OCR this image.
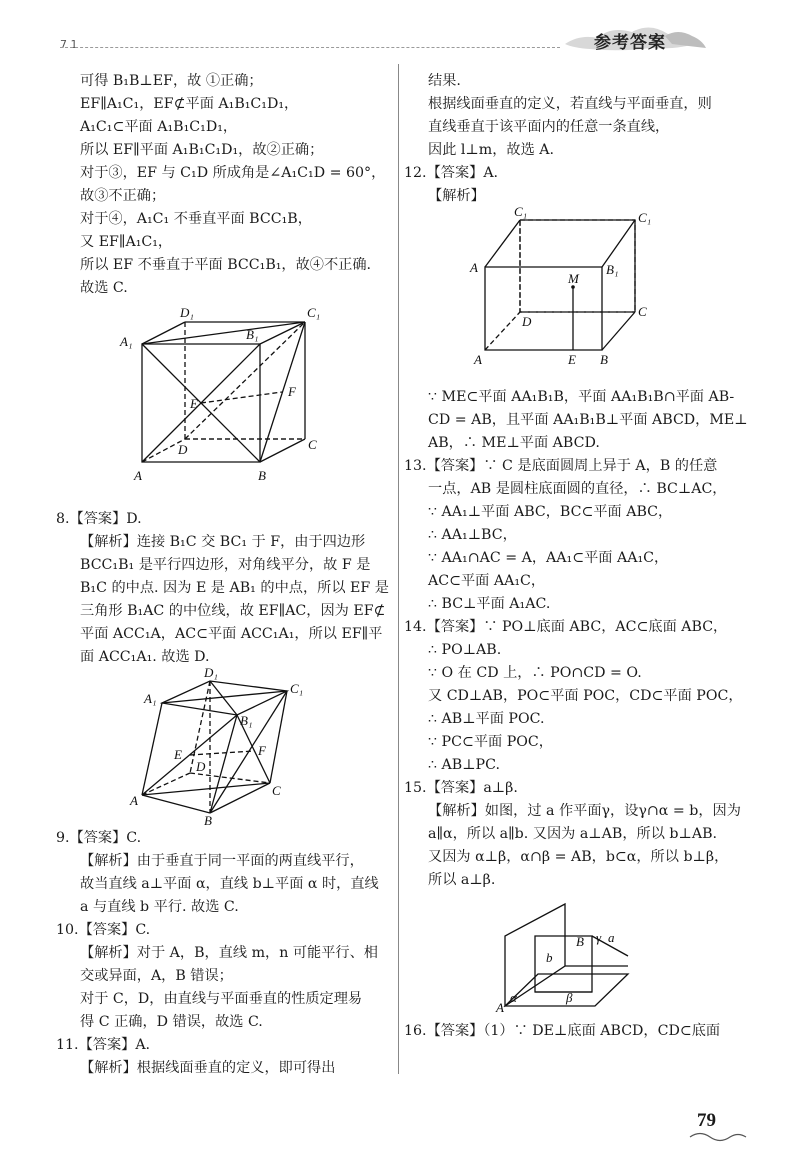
7 1	参考答案
可得 B₁B⊥EF，故 ①正确；
EF∥A₁C₁，EF⊄平面 A₁B₁C₁D₁，
A₁C₁⊂平面 A₁B₁C₁D₁，
所以 EF∥平面 A₁B₁C₁D₁，故②正确；
对于③，EF 与 C₁D 所成角是∠A₁C₁D = 60°，
故③不正确；
对于④，A₁C₁ 不垂直平面 BCC₁B，
又 EF∥A₁C₁，
所以 EF 不垂直于平面 BCC₁B₁，故④不正确.
故选 C.
D₁	C₁
A₁	B₁
E
F
D	C
A	B
8.【答案】D.
【解析】连接 B₁C 交 BC₁ 于 F，由于四边形
BCC₁B₁ 是平行四边形，对角线平分，故 F 是
B₁C 的中点. 因为 E 是 AB₁ 的中点，所以 EF 是
三角形 B₁AC 的中位线，故 EF∥AC，因为 EF⊄
平面 ACC₁A，AC⊂平面 ACC₁A₁，所以 EF∥平
面 ACC₁A₁. 故选 D.
D₁
C₁
A₁
B₁
E	F
D
C
A
B
9.【答案】C.
【解析】由于垂直于同一平面的两直线平行，
故当直线 a⊥平面 α，直线 b⊥平面 α 时，直线
a 与直线 b 平行. 故选 C.
10.【答案】C.
【解析】对于 A，B，直线 m，n 可能平行、相
交或异面，A，B 错误；
对于 C，D，由直线与平面垂直的性质定理易
得 C 正确，D 错误，故选 C.
11.【答案】A.
【解析】根据线面垂直的定义，即可得出
结果.
根据线面垂直的定义，若直线与平面垂直，则
直线垂直于该平面内的任意一条直线，
因此 l⊥m，故选 A.
12.【答案】A.
【解析】
C₁	C₁
A	B₁
M
D
C
A	E B
∵ ME⊂平面 AA₁B₁B，平面 AA₁B₁B∩平面 AB-
CD = AB，且平面 AA₁B₁B⊥平面 ABCD，ME⊥
AB，∴ ME⊥平面 ABCD.
13.【答案】∵ C 是底面圆周上异于 A，B 的任意
一点，AB 是圆柱底面圆的直径，∴ BC⊥AC，
∵ AA₁⊥平面 ABC，BC⊂平面 ABC，
∴ AA₁⊥BC，
∵ AA₁∩AC = A，AA₁⊂平面 AA₁C，
AC⊂平面 AA₁C，
∴ BC⊥平面 A₁AC.
14.【答案】∵ PO⊥底面 ABC，AC⊂底面 ABC，
∴ PO⊥AB.
∵ O 在 CD 上，∴ PO∩CD = O.
又 CD⊥AB，PO⊂平面 POC，CD⊂平面 POC，
∴ AB⊥平面 POC.
∵ PC⊂平面 POC，
∴ AB⊥PC.
15.【答案】a⊥β.
【解析】如图，过 a 作平面γ，设γ∩α = b，因为
a∥α，所以 a∥b. 又因为 a⊥AB，所以 b⊥AB.
又因为 α⊥β，α∩β = AB，b⊂α，所以 b⊥β，
所以 a⊥β.
b
B γ a
A
α	β
16.【答案】（1）∵ DE⊥底面 ABCD，CD⊂底面
79
